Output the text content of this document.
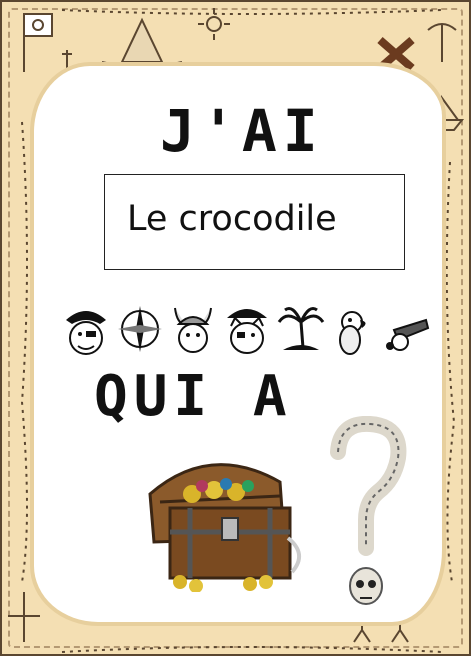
J'AI
Le crocodile
QUI A
